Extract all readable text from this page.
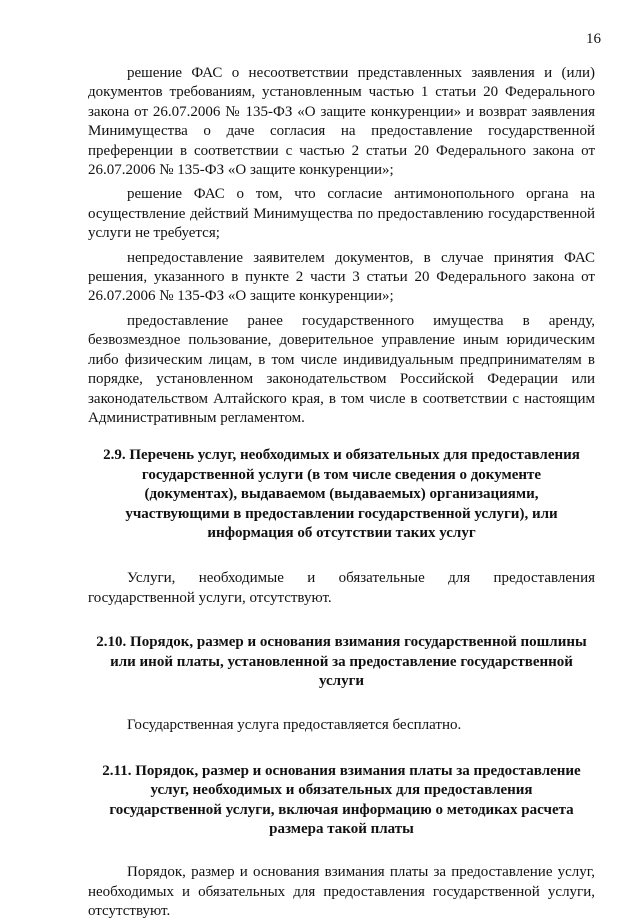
16

решение ФАС о несоответствии представленных заявления и (или) документов требованиям, установленным частью 1 статьи 20 Федерального закона от 26.07.2006 № 135-ФЗ «О защите конкуренции» и возврат заявления Минимущества о даче согласия на предоставление государственной преференции в соответствии с частью 2 статьи 20 Федерального закона от 26.07.2006 № 135-ФЗ «О защите конкуренции»;

решение ФАС о том, что согласие антимонопольного органа на осуществление действий Минимущества по предоставлению государственной услуги не требуется;

непредоставление заявителем документов, в случае принятия ФАС решения, указанного в пункте 2 части 3 статьи 20 Федерального закона от 26.07.2006 № 135-ФЗ «О защите конкуренции»;

предоставление ранее государственного имущества в аренду, безвозмездное пользование, доверительное управление иным юридическим либо физическим лицам, в том числе индивидуальным предпринимателям в порядке, установленном законодательством Российской Федерации или законодательством Алтайского края, в том числе в соответствии с настоящим Административным регламентом.

2.9. Перечень услуг, необходимых и обязательных для предоставления государственной услуги (в том числе сведения о документе (документах), выдаваемом (выдаваемых) организациями, участвующими в предоставлении государственной услуги), или информация об отсутствии таких услуг

Услуги, необходимые и обязательные для предоставления государственной услуги, отсутствуют.

2.10. Порядок, размер и основания взимания государственной пошлины или иной платы, установленной за предоставление государственной услуги

Государственная услуга предоставляется бесплатно.

2.11. Порядок, размер и основания взимания платы за предоставление услуг, необходимых и обязательных для предоставления государственной услуги, включая информацию о методиках расчета размера такой платы

Порядок, размер и основания взимания платы за предоставление услуг, необходимых и обязательных для предоставления государственной услуги, отсутствуют.
